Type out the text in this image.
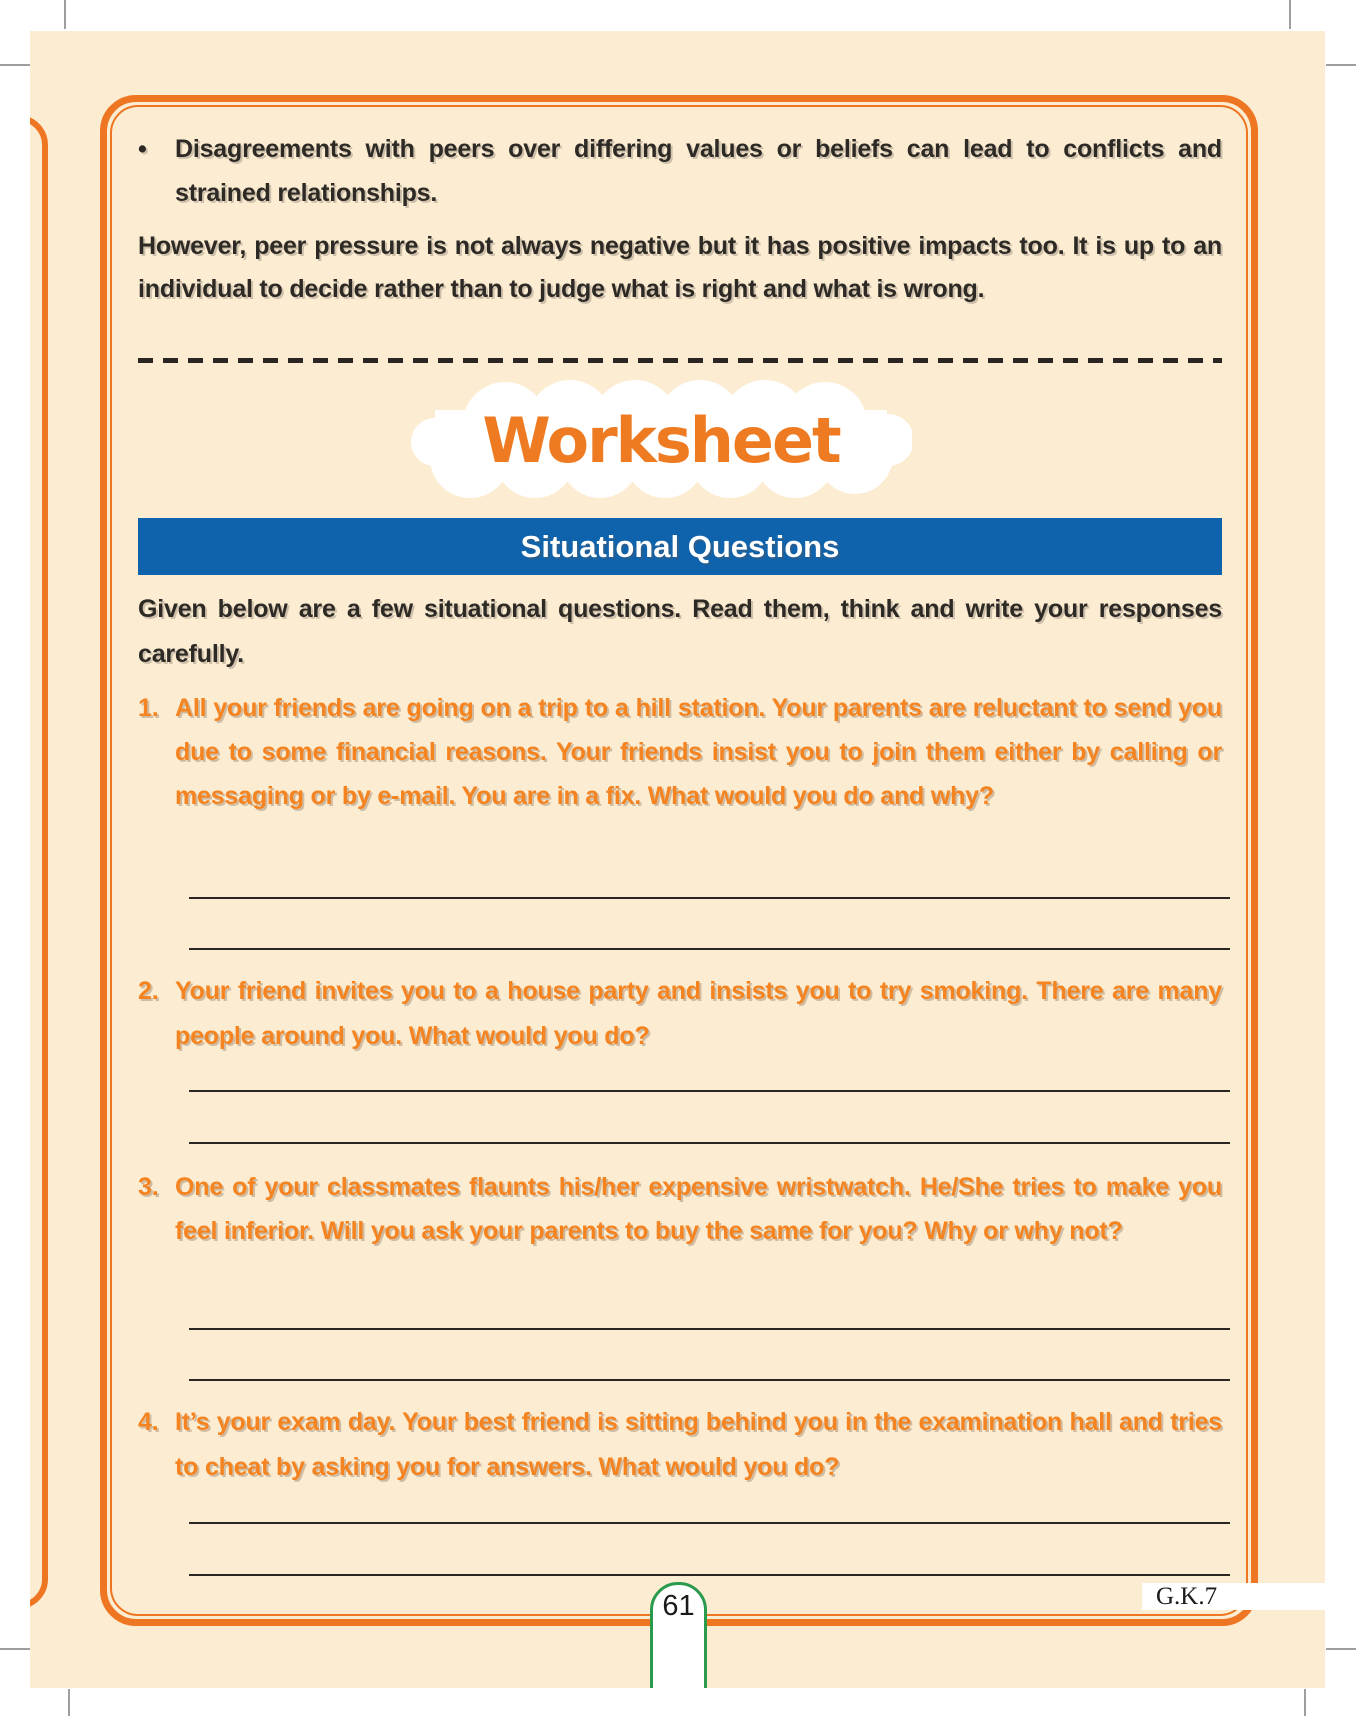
•	Disagreements with peers over differing values or beliefs can lead to conflicts and strained relationships.
However, peer pressure is not always negative but it has positive impacts too. It is up to an individual to decide rather than to judge what is right and what is wrong.
Worksheet
Situational Questions
Given below are a few situational questions. Read them, think and write your responses carefully.
1. All your friends are going on a trip to a hill station. Your parents are reluctant to send you due to some financial reasons. Your friends insist you to join them either by calling or messaging or by e-mail. You are in a fix. What would you do and why?
2. Your friend invites you to a house party and insists you to try smoking. There are many people around you. What would you do?
3. One of your classmates flaunts his/her expensive wristwatch. He/She tries to make you feel inferior. Will you ask your parents to buy the same for you? Why or why not?
4. It’s your exam day. Your best friend is sitting behind you in the examination hall and tries to cheat by asking you for answers. What would you do?
61	G.K.7
